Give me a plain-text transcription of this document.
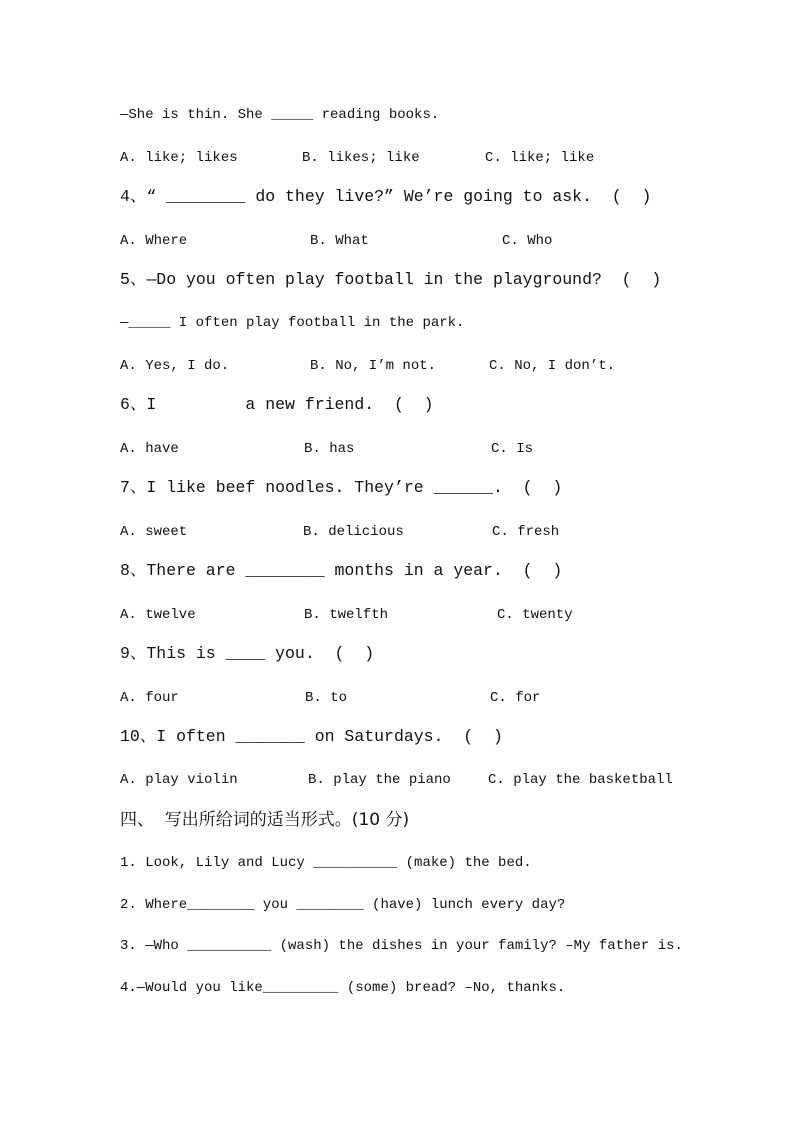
—She is thin. She _____ reading books.
A. like; likes	B. likes; like	C. like; like
4、“ ________ do they live?” We’re going to ask.  (  )
A. Where	B. What	C. Who
5、—Do you often play football in the playground?  (  )
—_____ I often play football in the park.
A. Yes, I do.	B. No, I’m not.	C. No, I don’t.
6、I         a new friend.  (  )
A. have	B. has	C. Is
7、I like beef noodles. They’re ______.  (  )
A. sweet	B. delicious	C. fresh
8、There are ________ months in a year.  (  )
A. twelve	B. twelfth	C. twenty
9、This is ____ you.  (  )
A. four	B. to	C. for
10、I often _______ on Saturdays.  (  )
A. play violin	B. play the piano	C. play the basketball
四、  写出所给词的适当形式。(10 分)
1. Look, Lily and Lucy __________ (make) the bed.
2. Where________ you ________ (have) lunch every day?
3. —Who __________ (wash) the dishes in your family? –My father is.
4.—Would you like_________ (some) bread? –No, thanks.
